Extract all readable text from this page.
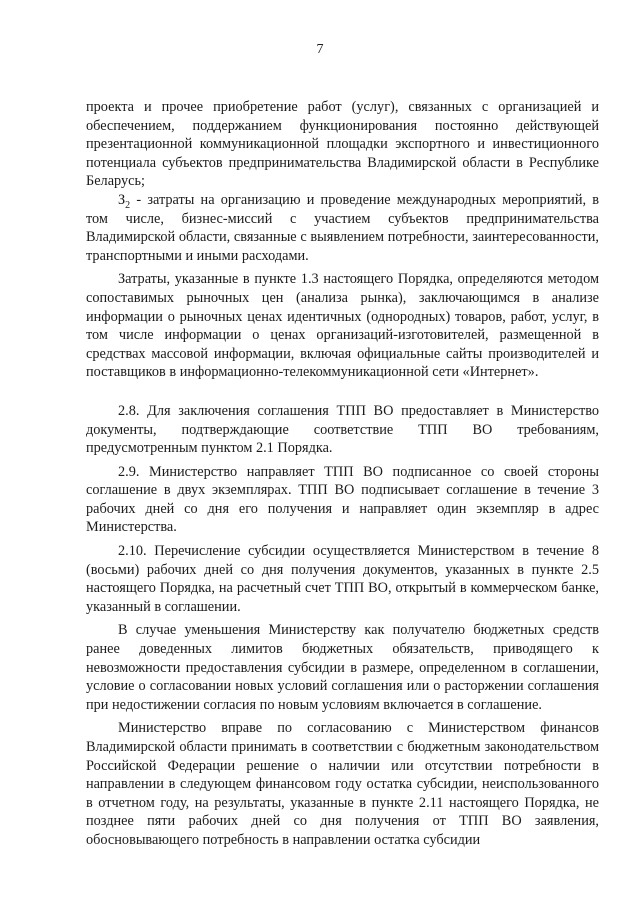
7

проекта и прочее приобретение работ (услуг), связанных с организацией и обеспечением, поддержанием функционирования постоянно действующей презентационной коммуникационной площадки экспортного и инвестиционного потенциала субъектов предпринимательства Владимирской области в Республике Беларусь;

$З_2$ - затраты на организацию и проведение международных мероприятий, в том числе, бизнес-миссий с участием субъектов предпринимательства Владимирской области, связанные с выявлением потребности, заинтересованности, транспортными и иными расходами.

Затраты, указанные в пункте 1.3 настоящего Порядка, определяются методом сопоставимых рыночных цен (анализа рынка), заключающимся в анализе информации о рыночных ценах идентичных (однородных) товаров, работ, услуг, в том числе информации о ценах организаций-изготовителей, размещенной в средствах массовой информации, включая официальные сайты производителей и поставщиков в информационно-телекоммуникационной сети «Интернет».

2.8. Для заключения соглашения ТПП ВО предоставляет в Министерство документы, подтверждающие соответствие ТПП ВО требованиям, предусмотренным пунктом 2.1 Порядка.

2.9. Министерство направляет ТПП ВО подписанное со своей стороны соглашение в двух экземплярах. ТПП ВО подписывает соглашение в течение 3 рабочих дней со дня его получения и направляет один экземпляр в адрес Министерства.

2.10. Перечисление субсидии осуществляется Министерством в течение 8 (восьми) рабочих дней со дня получения документов, указанных в пункте 2.5 настоящего Порядка, на расчетный счет ТПП ВО, открытый в коммерческом банке, указанный в соглашении.

В случае уменьшения Министерству как получателю бюджетных средств ранее доведенных лимитов бюджетных обязательств, приводящего к невозможности предоставления субсидии в размере, определенном в соглашении, условие о согласовании новых условий соглашения или о расторжении соглашения при недостижении согласия по новым условиям включается в соглашение.

Министерство вправе по согласованию с Министерством финансов Владимирской области принимать в соответствии с бюджетным законодательством Российской Федерации решение о наличии или отсутствии потребности в направлении в следующем финансовом году остатка субсидии, неиспользованного в отчетном году, на результаты, указанные в пункте 2.11 настоящего Порядка, не позднее пяти рабочих дней со дня получения от ТПП ВО заявления, обосновывающего потребность в направлении остатка субсидии
